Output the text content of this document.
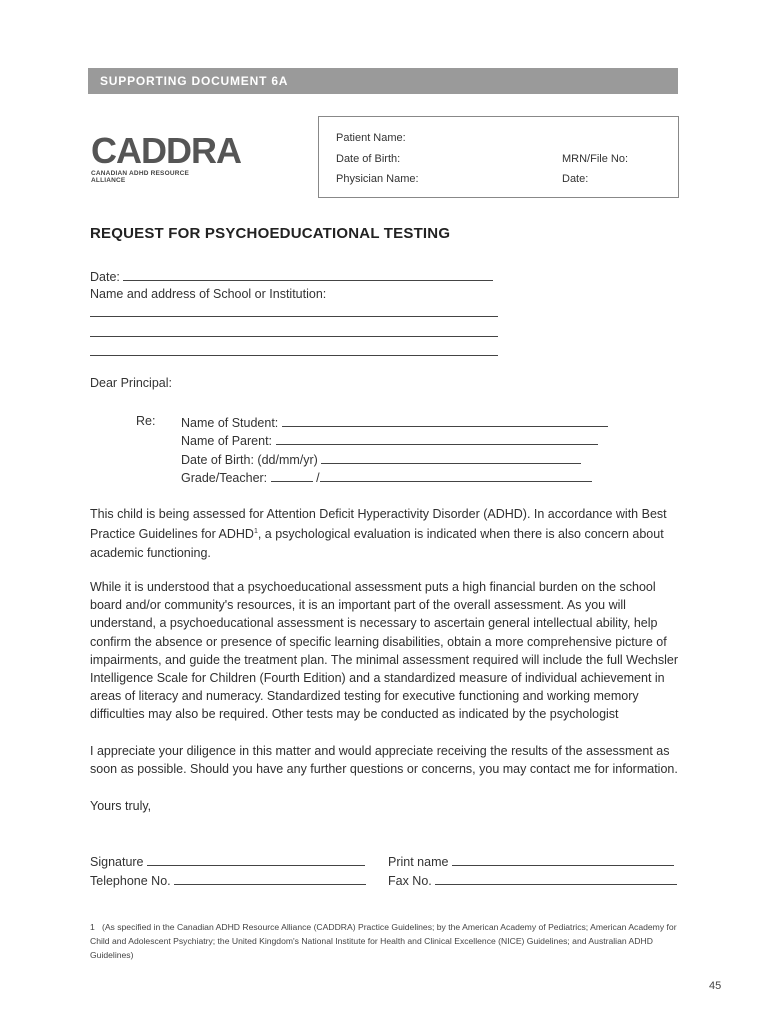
SUPPORTING DOCUMENT 6A
CADDRA
CANADIAN ADHD RESOURCE ALLIANCE
Patient Name:
Date of Birth:	MRN/File No:
Physician Name:	Date:
REQUEST FOR PSYCHOEDUCATIONAL TESTING
Date:
Name and address of School or Institution:
Dear Principal:
Re: Name of Student:
Name of Parent:
Date of Birth: (dd/mm/yr)
Grade/Teacher:	/
This child is being assessed for Attention Deficit Hyperactivity Disorder (ADHD). In accordance with Best Practice Guidelines for ADHD$^1$, a psychological evaluation is indicated when there is also concern about academic functioning.
While it is understood that a psychoeducational assessment puts a high financial burden on the school board and/or community's resources, it is an important part of the overall assessment. As you will understand, a psychoeducational assessment is necessary to ascertain general intellectual ability, help confirm the absence or presence of specific learning disabilities, obtain a more comprehensive picture of impairments, and guide the treatment plan. The minimal assessment required will include the full Wechsler Intelligence Scale for Children (Fourth Edition) and a standardized measure of individual achievement in areas of literacy and numeracy. Standardized testing for executive functioning and working memory difficulties may also be required. Other tests may be conducted as indicated by the psychologist
I appreciate your diligence in this matter and would appreciate receiving the results of the assessment as soon as possible. Should you have any further questions or concerns, you may contact me for information.
Yours truly,
Signature	Print name
Telephone No.	Fax No.
1 (As specified in the Canadian ADHD Resource Alliance (CADDRA) Practice Guidelines; by the American Academy of Pediatrics; American Academy for Child and Adolescent Psychiatry; the United Kingdom's National Institute for Health and Clinical Excellence (NICE) Guidelines; and Australian ADHD Guidelines)
45
